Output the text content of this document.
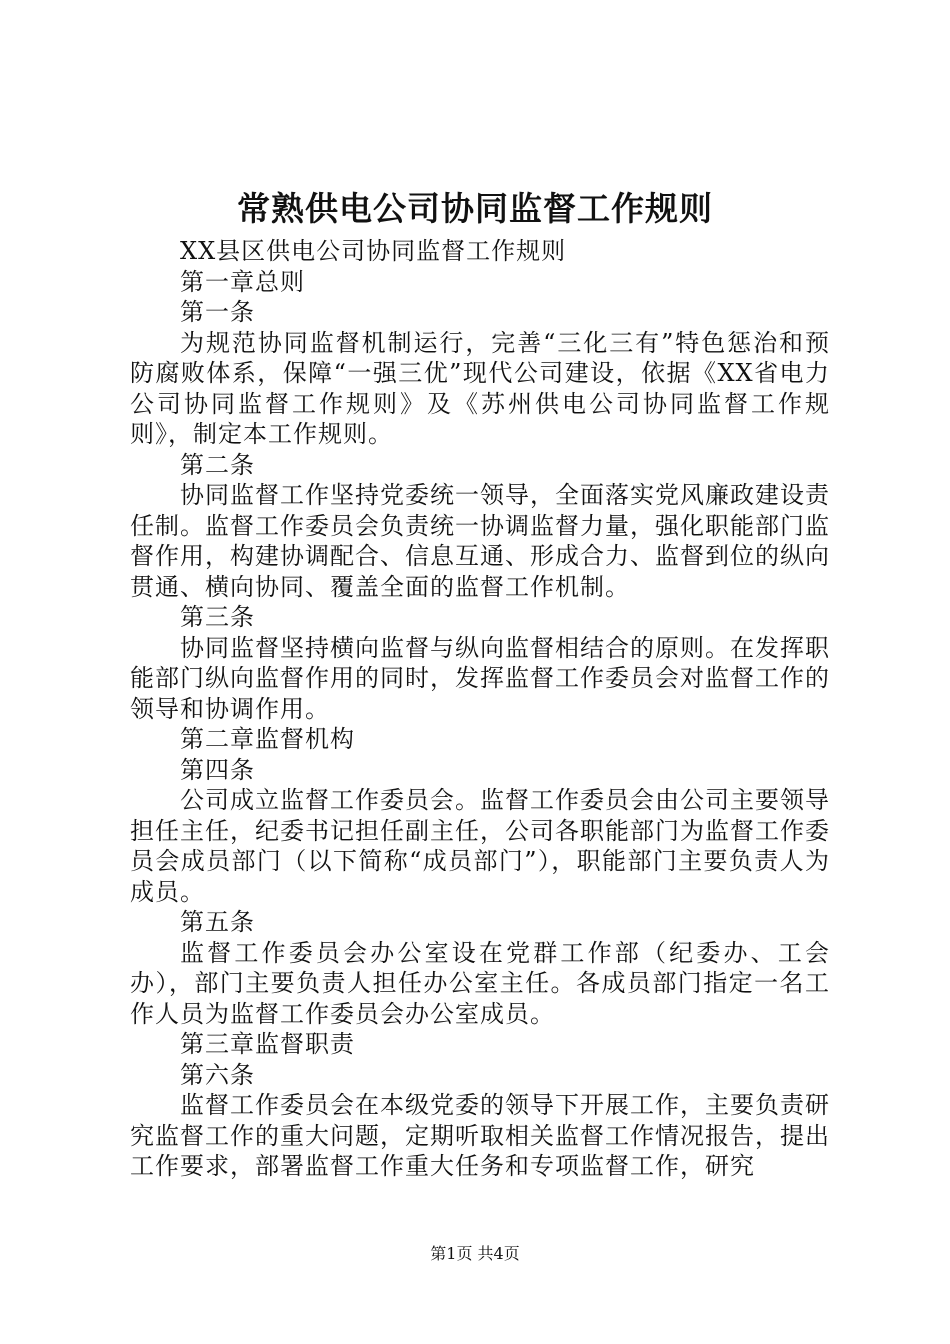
常熟供电公司协同监督工作规则

XX县区供电公司协同监督工作规则

第一章总则

第一条

为规范协同监督机制运行，完善“三化三有”特色惩治和预防腐败体系，保障“一强三优”现代公司建设，依据《XX省电力公司协同监督工作规则》及《苏州供电公司协同监督工作规则》，制定本工作规则。

第二条

协同监督工作坚持党委统一领导，全面落实党风廉政建设责任制。监督工作委员会负责统一协调监督力量，强化职能部门监督作用，构建协调配合、信息互通、形成合力、监督到位的纵向贯通、横向协同、覆盖全面的监督工作机制。

第三条

协同监督坚持横向监督与纵向监督相结合的原则。在发挥职能部门纵向监督作用的同时，发挥监督工作委员会对监督工作的领导和协调作用。

第二章监督机构

第四条

公司成立监督工作委员会。监督工作委员会由公司主要领导担任主任，纪委书记担任副主任，公司各职能部门为监督工作委员会成员部门（以下简称“成员部门”），职能部门主要负责人为成员。

第五条

监督工作委员会办公室设在党群工作部（纪委办、工会办），部门主要负责人担任办公室主任。各成员部门指定一名工作人员为监督工作委员会办公室成员。

第三章监督职责

第六条

监督工作委员会在本级党委的领导下开展工作，主要负责研究监督工作的重大问题，定期听取相关监督工作情况报告，提出工作要求，部署监督工作重大任务和专项监督工作，研究

第1页 共4页
